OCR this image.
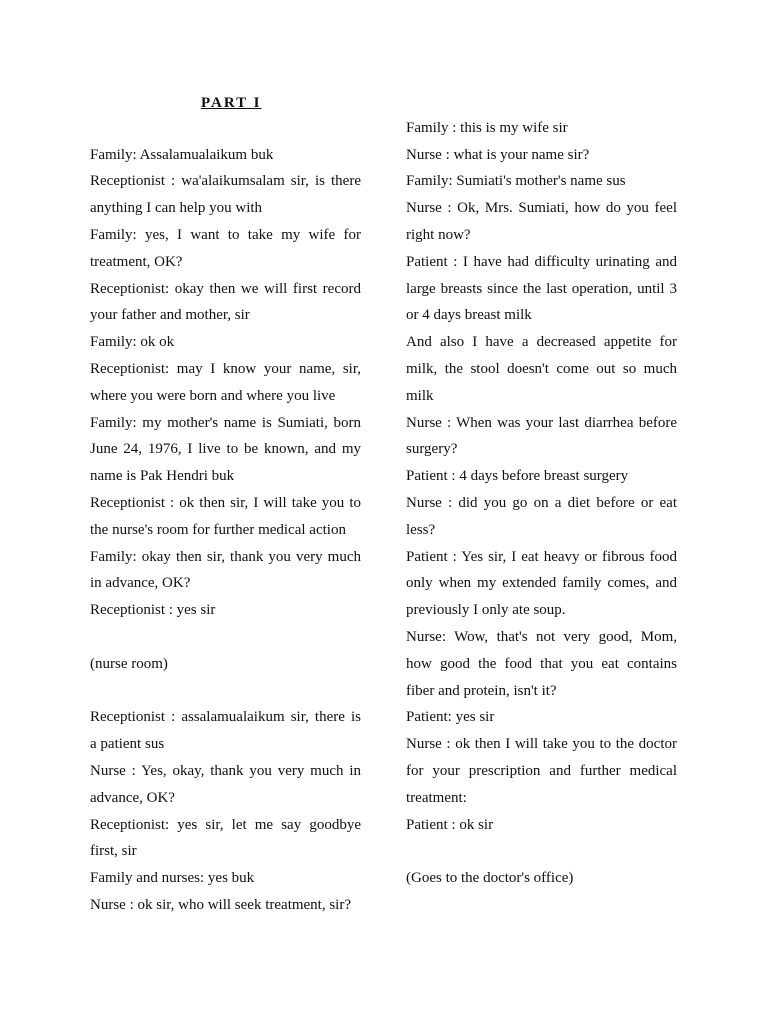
PART I
Family: Assalamualaikum buk
Receptionist : wa'alaikumsalam sir, is there
anything I can help you with
Family: yes, I want to take my wife for
treatment, OK?
Receptionist: okay then we will first record
your father and mother, sir
Family: ok ok
Receptionist: may I know your name, sir,
where you were born and where you live
Family: my mother's name is Sumiati, born
June 24, 1976, I live to be known, and my
name is Pak Hendri buk
Receptionist : ok then sir, I will take you to
the nurse's room for further medical action
Family: okay then sir, thank you very much
in advance, OK?
Receptionist : yes sir
(nurse room)
Receptionist : assalamualaikum sir, there is
a patient sus
Nurse : Yes, okay, thank you very much in
advance, OK?
Receptionist: yes sir, let me say goodbye
first, sir
Family and nurses: yes buk
Nurse : ok sir, who will seek treatment, sir?
Family : this is my wife sir
Nurse : what is your name sir?
Family: Sumiati's mother's name sus
Nurse : Ok, Mrs. Sumiati, how do you feel
right now?
Patient : I have had difficulty urinating and
large breasts since the last operation, until 3
or 4 days breast milk
And also I have a decreased appetite for
milk, the stool doesn't come out so much
milk
Nurse : When was your last diarrhea before
surgery?
Patient : 4 days before breast surgery
Nurse : did you go on a diet before or eat
less?
Patient : Yes sir, I eat heavy or fibrous food
only when my extended family comes, and
previously I only ate soup.
Nurse: Wow, that's not very good, Mom,
how good the food that you eat contains
fiber and protein, isn't it?
Patient: yes sir
Nurse : ok then I will take you to the doctor
for your prescription and further medical
treatment:
Patient : ok sir
(Goes to the doctor's office)
